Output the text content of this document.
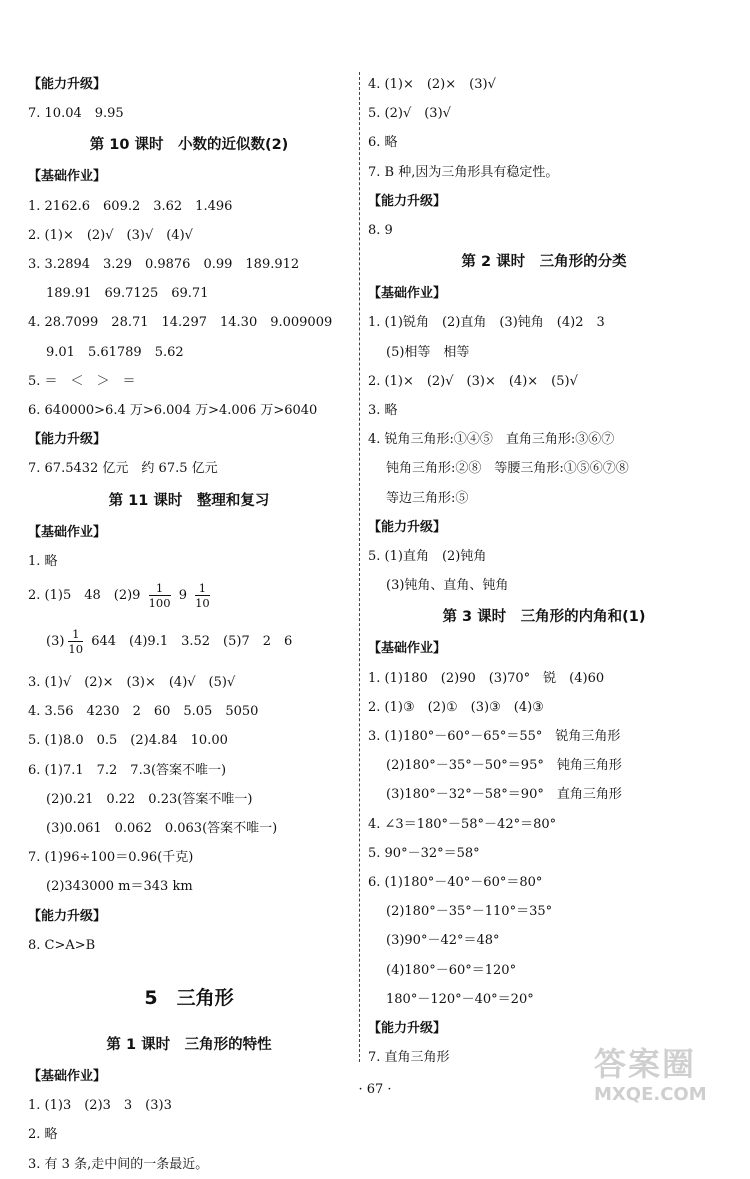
【能力升级】
7. 10.04　9.95
第 10 课时　小数的近似数(2)
【基础作业】
1. 2162.6　609.2　3.62　1.496
2. (1)×　(2)√　(3)√　(4)√
3. 3.2894　3.29　0.9876　0.99　189.912
189.91　69.7125　69.71
4. 28.7099　28.71　14.297　14.30　9.009009
9.01　5.61789　5.62
5. ＝　＜　＞　＝
6. 640000>6.4 万>6.004 万>4.006 万>6040
【能力升级】
7. 67.5432 亿元　约 67.5 亿元
第 11 课时　整理和复习
【基础作业】
1. 略
2. (1)5　48　$(2)9 \frac{1}{100} 9 \frac{1}{10}$
$(3) \frac{1}{10} 644$　(4)9.1　3.52　(5)7　2　6
3. (1)√　(2)×　(3)×　(4)√　(5)√
4. 3.56　4230　2　60　5.05　5050
5. (1)8.0　0.5　(2)4.84　10.00
6. (1)7.1　7.2　7.3(答案不唯一)
(2)0.21　0.22　0.23(答案不唯一)
(3)0.061　0.062　0.063(答案不唯一)
7. (1)96÷100＝0.96(千克)
(2)343000 m＝343 km
【能力升级】
8. C>A>B
5　三角形
第 1 课时　三角形的特性
【基础作业】
1. (1)3　(2)3　3　(3)3
2. 略
3. 有 3 条,走中间的一条最近。
4. (1)×　(2)×　(3)√
5. (2)√　(3)√
6. 略
7. B 种,因为三角形具有稳定性。
【能力升级】
8. 9
第 2 课时　三角形的分类
【基础作业】
1. (1)锐角　(2)直角　(3)钝角　(4)2　3
(5)相等　相等
2. (1)×　(2)√　(3)×　(4)×　(5)√
3. 略
4. 锐角三角形:①④⑤　直角三角形:③⑥⑦
钝角三角形:②⑧　等腰三角形:①⑤⑥⑦⑧
等边三角形:⑤
【能力升级】
5. (1)直角　(2)钝角
(3)钝角、直角、钝角
第 3 课时　三角形的内角和(1)
【基础作业】
1. (1)180　(2)90　(3)70°　锐　(4)60
2. (1)③　(2)①　(3)③　(4)③
3. (1)180°－60°－65°＝55°　锐角三角形
(2)180°－35°－50°＝95°　钝角三角形
(3)180°－32°－58°＝90°　直角三角形
4. ∠3＝180°－58°－42°＝80°
5. 90°－32°＝58°
6. (1)180°－40°－60°＝80°
(2)180°－35°－110°＝35°
(3)90°－42°＝48°
(4)180°－60°＝120°
180°－120°－40°＝20°
【能力升级】
7. 直角三角形
· 67 ·
答案圈
MXQE.COM
